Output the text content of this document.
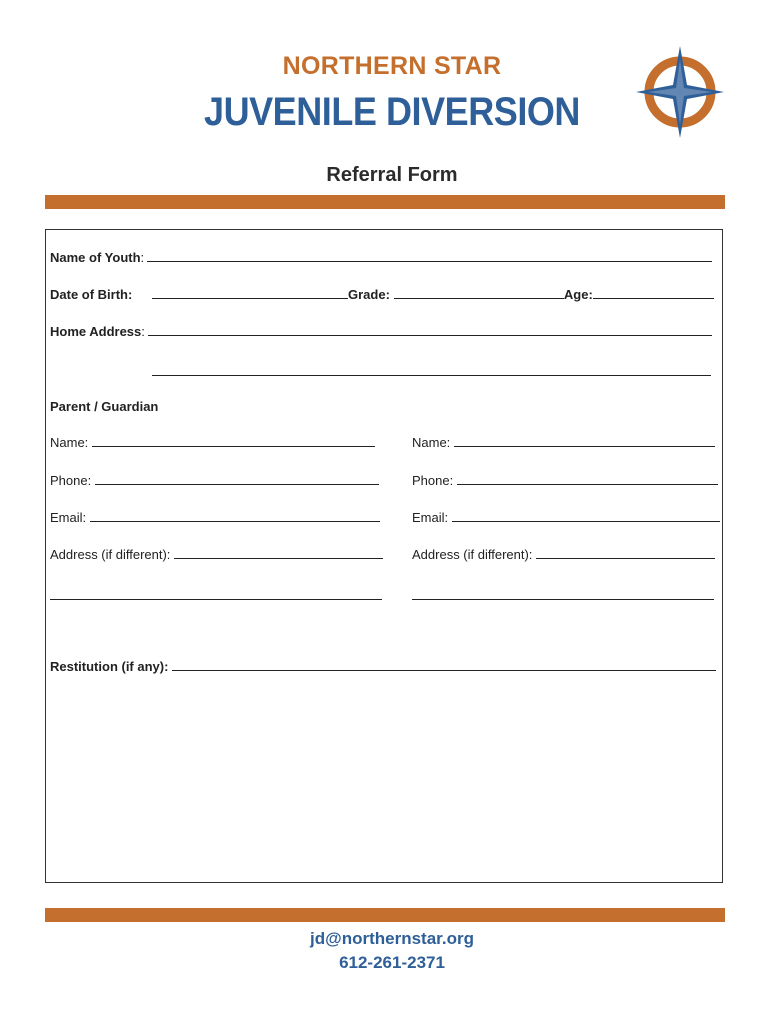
NORTHERN STAR
JUVENILE DIVERSION
Referral Form
Name of Youth :
Date of Birth:	Grade:	Age:
Home Address :
Parent / Guardian
Name:
Phone:
Email:
Address (if different):
Name:
Phone:
Email:
Address (if different):
Restitution (if any):
jd@northernstar.org
612-261-2371
